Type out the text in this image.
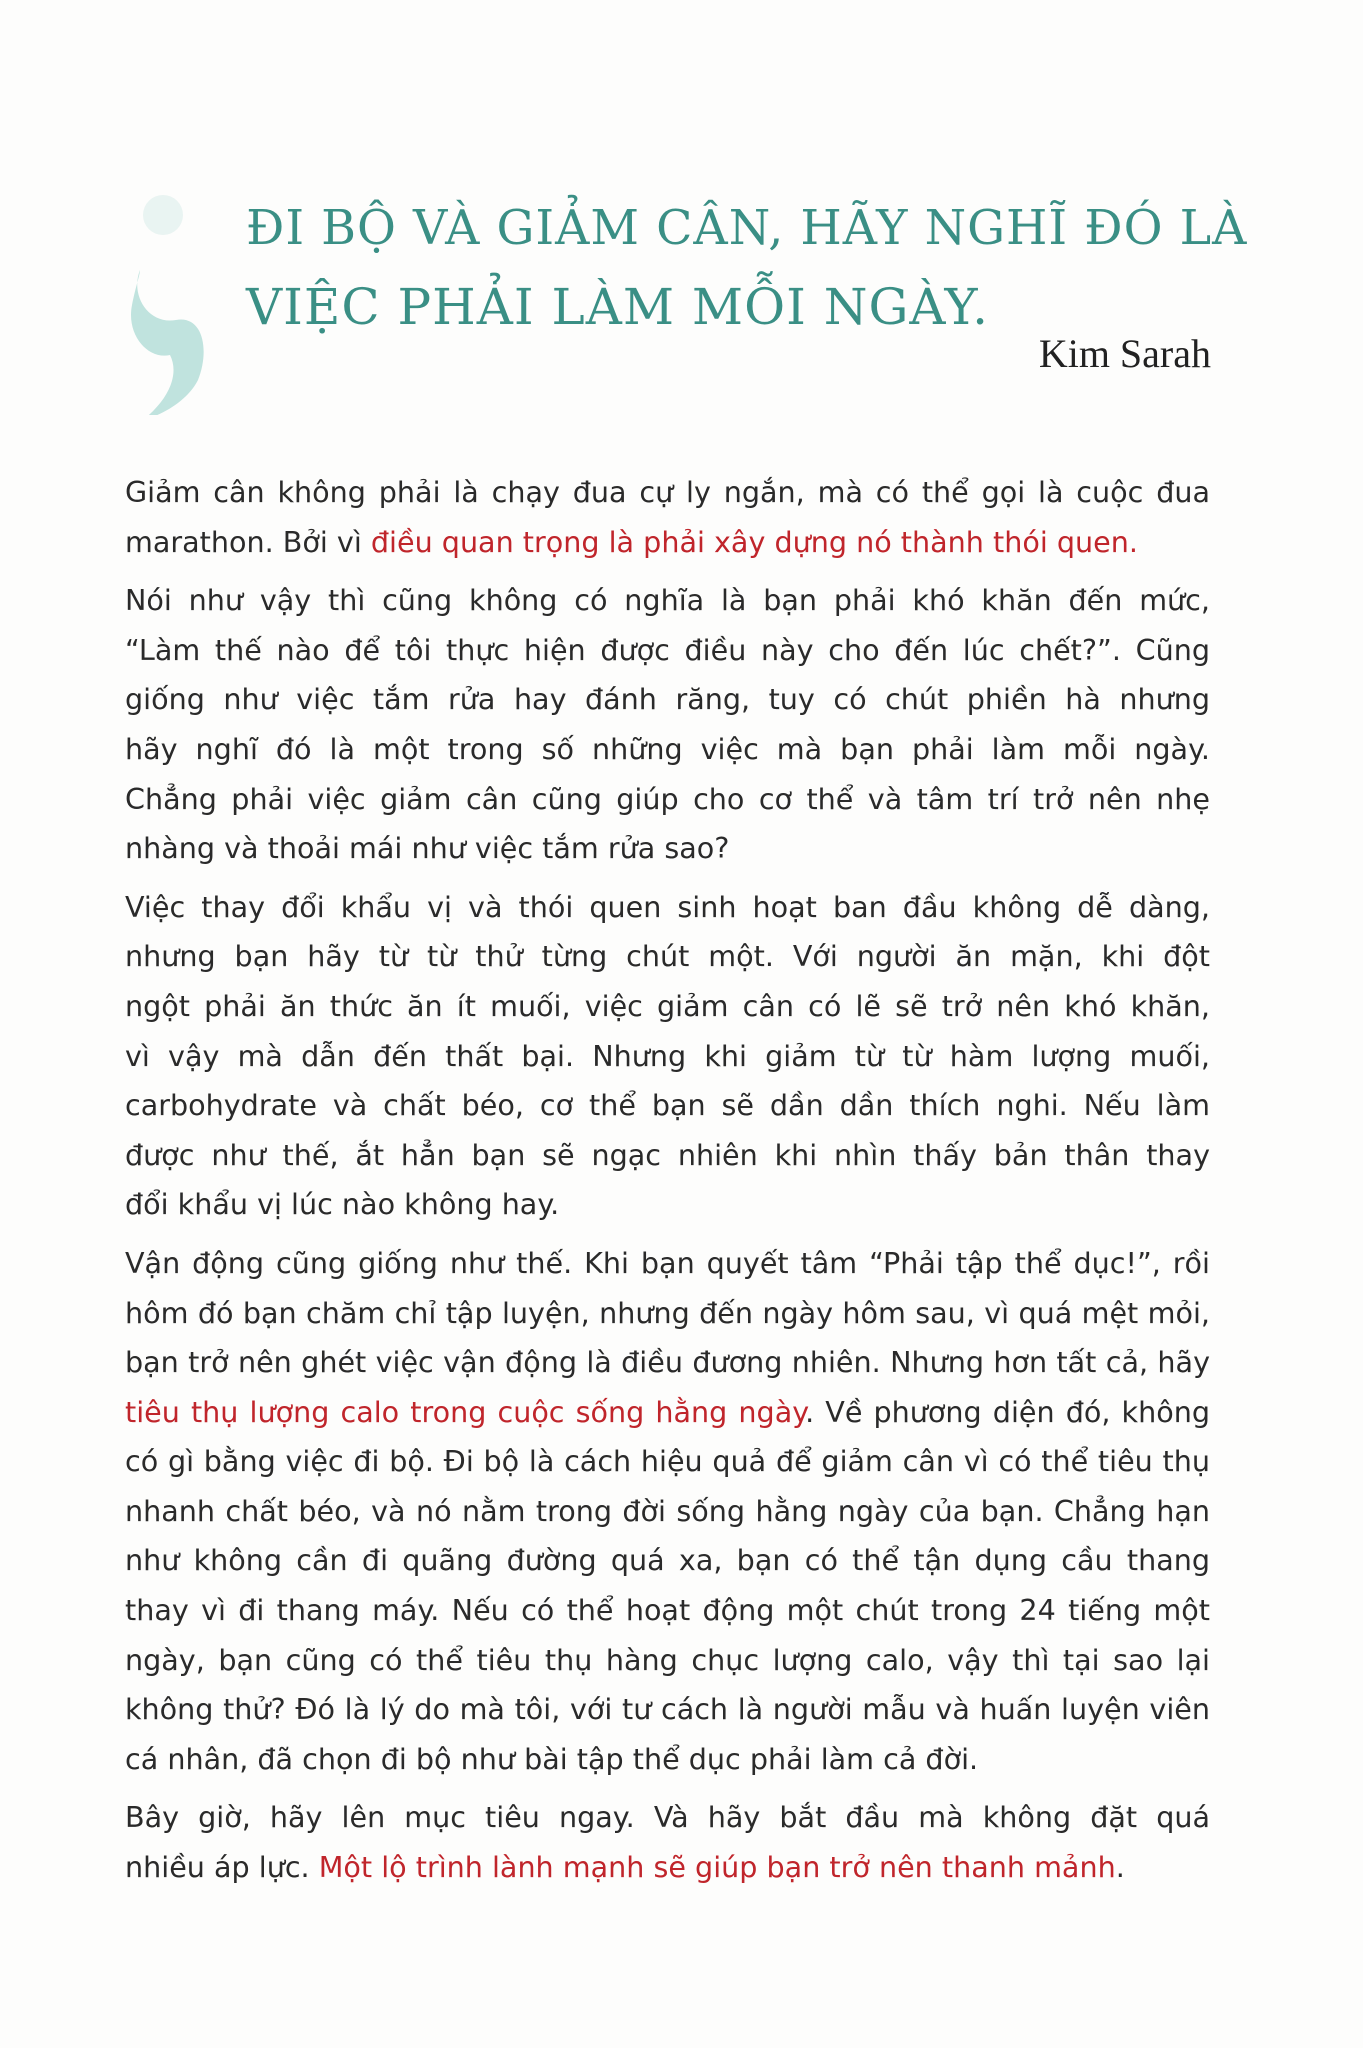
ĐI BỘ VÀ GIẢM CÂN, HÃY NGHĨ ĐÓ LÀ
VIỆC PHẢI LÀM MỖI NGÀY.
Kim Sarah

Giảm cân không phải là chạy đua cự ly ngắn, mà có thể gọi là cuộc đua
marathon. Bởi vì điều quan trọng là phải xây dựng nó thành thói quen.

Nói như vậy thì cũng không có nghĩa là bạn phải khó khăn đến mức,
“Làm thế nào để tôi thực hiện được điều này cho đến lúc chết?”. Cũng
giống như việc tắm rửa hay đánh răng, tuy có chút phiền hà nhưng
hãy nghĩ đó là một trong số những việc mà bạn phải làm mỗi ngày.
Chẳng phải việc giảm cân cũng giúp cho cơ thể và tâm trí trở nên nhẹ
nhàng và thoải mái như việc tắm rửa sao?

Việc thay đổi khẩu vị và thói quen sinh hoạt ban đầu không dễ dàng,
nhưng bạn hãy từ từ thử từng chút một. Với người ăn mặn, khi đột
ngột phải ăn thức ăn ít muối, việc giảm cân có lẽ sẽ trở nên khó khăn,
vì vậy mà dẫn đến thất bại. Nhưng khi giảm từ từ hàm lượng muối,
carbohydrate và chất béo, cơ thể bạn sẽ dần dần thích nghi. Nếu làm
được như thế, ắt hẳn bạn sẽ ngạc nhiên khi nhìn thấy bản thân thay
đổi khẩu vị lúc nào không hay.

Vận động cũng giống như thế. Khi bạn quyết tâm “Phải tập thể dục!”, rồi
hôm đó bạn chăm chỉ tập luyện, nhưng đến ngày hôm sau, vì quá mệt mỏi,
bạn trở nên ghét việc vận động là điều đương nhiên. Nhưng hơn tất cả, hãy
tiêu thụ lượng calo trong cuộc sống hằng ngày. Về phương diện đó, không
có gì bằng việc đi bộ. Đi bộ là cách hiệu quả để giảm cân vì có thể tiêu thụ
nhanh chất béo, và nó nằm trong đời sống hằng ngày của bạn. Chẳng hạn
như không cần đi quãng đường quá xa, bạn có thể tận dụng cầu thang
thay vì đi thang máy. Nếu có thể hoạt động một chút trong 24 tiếng một
ngày, bạn cũng có thể tiêu thụ hàng chục lượng calo, vậy thì tại sao lại
không thử? Đó là lý do mà tôi, với tư cách là người mẫu và huấn luyện viên
cá nhân, đã chọn đi bộ như bài tập thể dục phải làm cả đời.

Bây giờ, hãy lên mục tiêu ngay. Và hãy bắt đầu mà không đặt quá
nhiều áp lực. Một lộ trình lành mạnh sẽ giúp bạn trở nên thanh mảnh.
